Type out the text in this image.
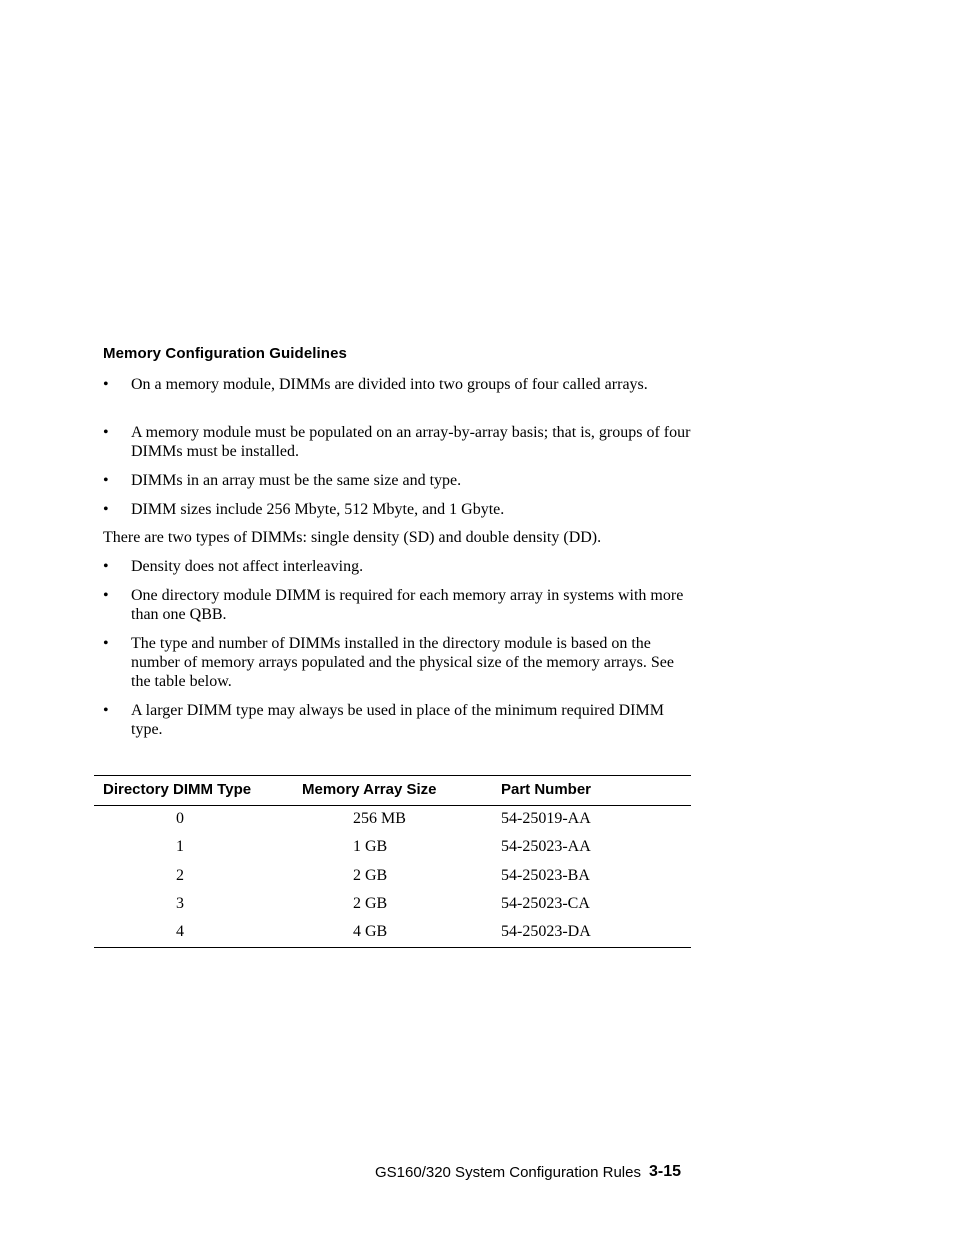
Memory Configuration Guidelines
•	On a memory module, DIMMs are divided into two groups of four called arrays.
•	A memory module must be populated on an array-by-array basis; that is, groups of four DIMMs must be installed.
•	DIMMs in an array must be the same size and type.
•	DIMM sizes include 256 Mbyte, 512 Mbyte, and 1 Gbyte.

There are two types of DIMMs: single density (SD) and double density (DD).

•	Density does not affect interleaving.
•	One directory module DIMM is required for each memory array in systems with more than one QBB.
•	The type and number of DIMMs installed in the directory module is based on the number of memory arrays populated and the physical size of the memory arrays. See the table below.
•	A larger DIMM type may always be used in place of the minimum required DIMM type.
Directory DIMM Type	Memory Array Size	Part Number
0	256 MB	54-25019-AA
1	1 GB	54-25023-AA
2	2 GB	54-25023-BA
3	2 GB	54-25023-CA
4	4 GB	54-25023-DA
GS160/320 System Configuration Rules 3-15
